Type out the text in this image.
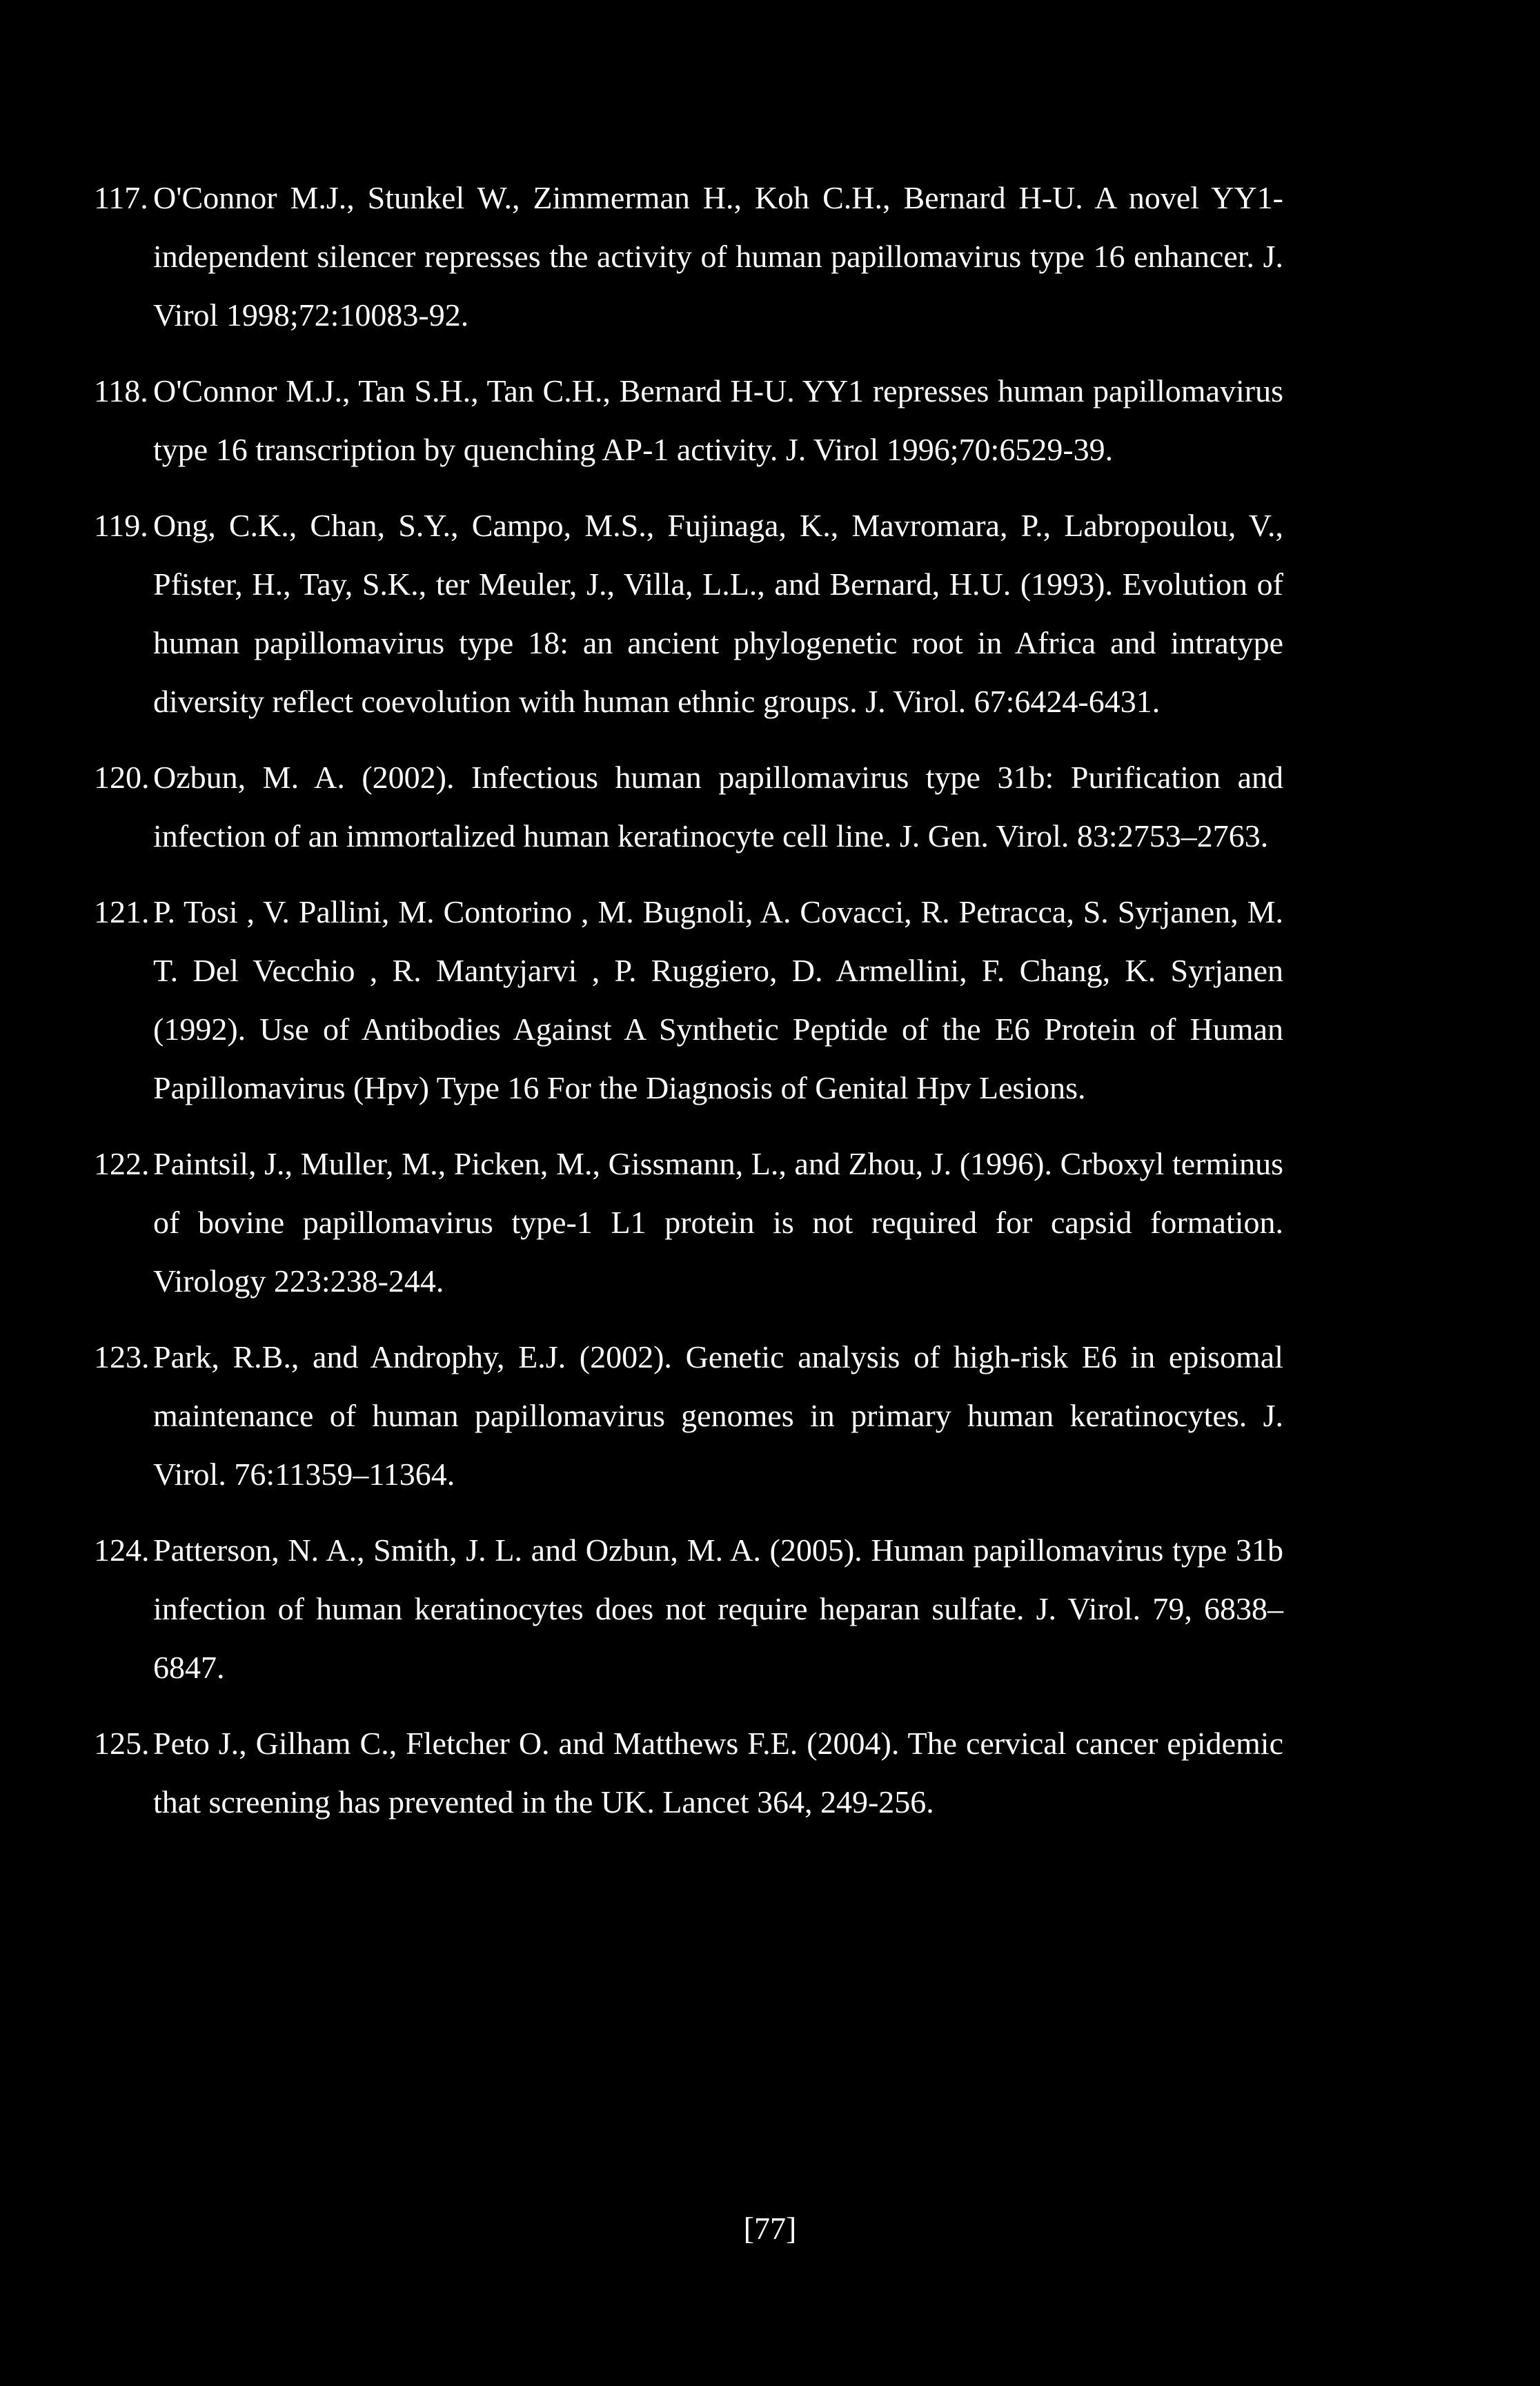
117. O'Connor M.J., Stunkel W., Zimmerman H., Koh C.H., Bernard H-U. A novel YY1-independent silencer represses the activity of human papillomavirus type 16 enhancer. J. Virol 1998;72:10083-92.
118. O'Connor M.J., Tan S.H., Tan C.H., Bernard H-U. YY1 represses human papillomavirus type 16 transcription by quenching AP-1 activity. J. Virol 1996;70:6529-39.
119. Ong, C.K., Chan, S.Y., Campo, M.S., Fujinaga, K., Mavromara, P., Labropoulou, V., Pfister, H., Tay, S.K., ter Meuler, J., Villa, L.L., and Bernard, H.U. (1993). Evolution of human papillomavirus type 18: an ancient phylogenetic root in Africa and intratype diversity reflect coevolution with human ethnic groups. J. Virol. 67:6424-6431.
120. Ozbun, M. A. (2002). Infectious human papillomavirus type 31b: Purification and infection of an immortalized human keratinocyte cell line. J. Gen. Virol. 83:2753–2763.
121. P. Tosi , V. Pallini, M. Contorino , M. Bugnoli, A. Covacci, R. Petracca, S. Syrjanen, M. T. Del Vecchio , R. Mantyjarvi , P. Ruggiero, D. Armellini, F. Chang, K. Syrjanen (1992). Use of Antibodies Against A Synthetic Peptide of the E6 Protein of Human Papillomavirus (Hpv) Type 16 For the Diagnosis of Genital Hpv Lesions.
122. Paintsil, J., Muller, M., Picken, M., Gissmann, L., and Zhou, J. (1996). Crboxyl terminus of bovine papillomavirus type-1 L1 protein is not required for capsid formation. Virology 223:238-244.
123. Park, R.B., and Androphy, E.J. (2002). Genetic analysis of high-risk E6 in episomal maintenance of human papillomavirus genomes in primary human keratinocytes. J. Virol. 76:11359–11364.
124. Patterson, N. A., Smith, J. L. and Ozbun, M. A. (2005). Human papillomavirus type 31b infection of human keratinocytes does not require heparan sulfate. J. Virol. 79, 6838–6847.
125. Peto J., Gilham C., Fletcher O. and Matthews F.E. (2004). The cervical cancer epidemic that screening has prevented in the UK. Lancet 364, 249-256.
[77]
